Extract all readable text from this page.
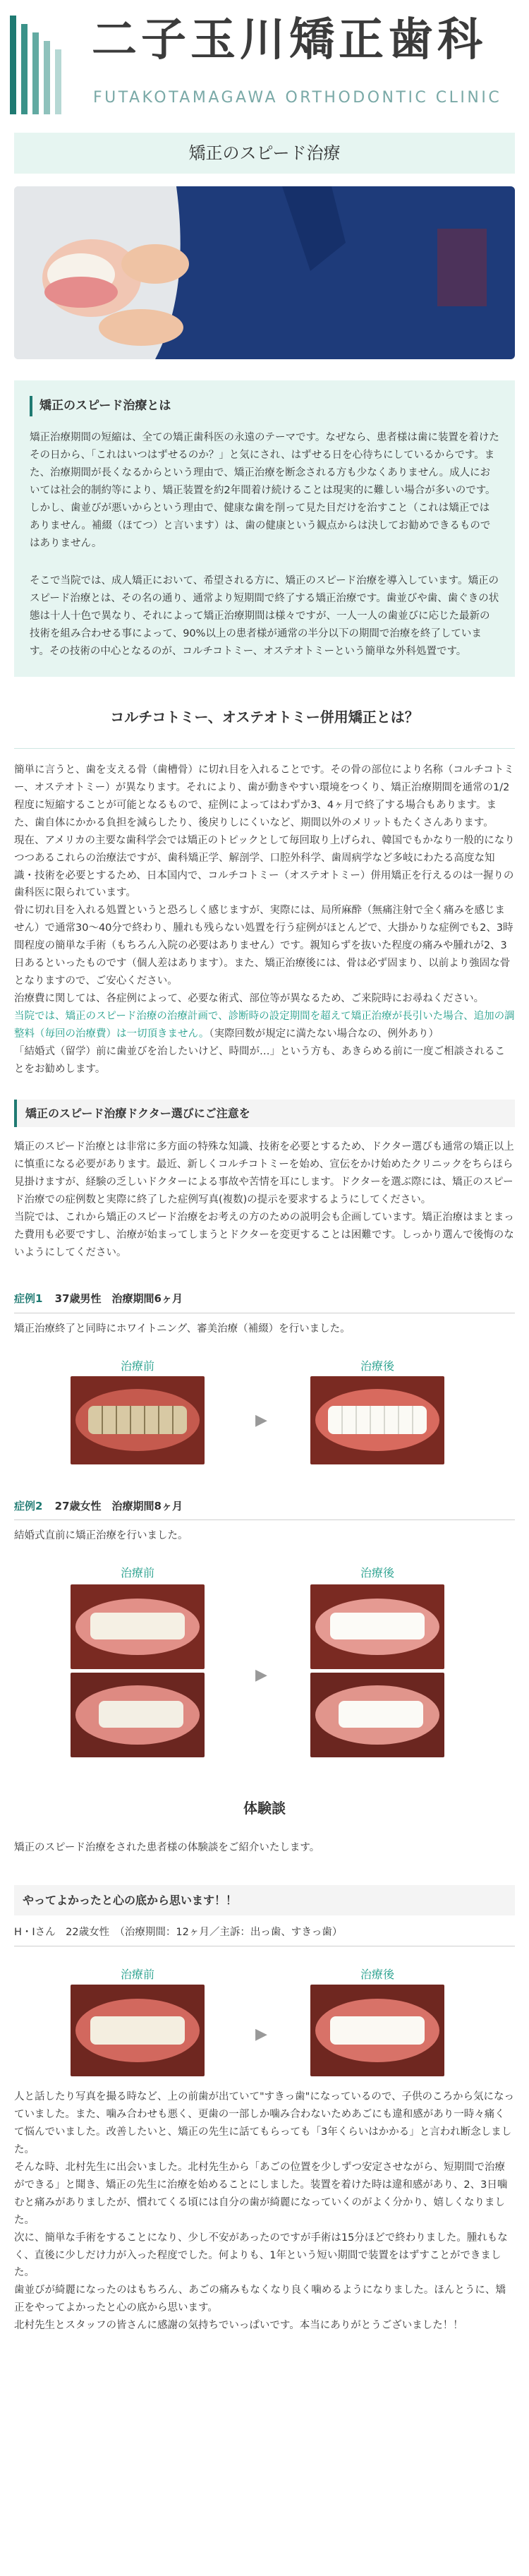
二子玉川矯正歯科
FUTAKOTAMAGAWA ORTHODONTIC CLINIC
矯正のスピード治療
矯正のスピード治療とは

矯正治療期間の短縮は、全ての矯正歯科医の永遠のテーマです。なぜなら、患者様は歯に装置を着けたその日から、「これはいつはずせるのか？」と気にされ、はずせる日を心待ちにしているからです。また、治療期間が長くなるからという理由で、矯正治療を断念される方も少なくありません。成人においては社会的制約等により、矯正装置を約2年間着け続けることは現実的に難しい場合が多いのです。

しかし、歯並びが悪いからという理由で、健康な歯を削って見た目だけを治すこと（これは矯正ではありません。補綴（ほてつ）と言います）は、歯の健康という観点からは決してお勧めできるものではありません。

そこで当院では、成人矯正において、希望される方に、矯正のスピード治療を導入しています。矯正のスピード治療とは、その名の通り、通常より短期間で終了する矯正治療です。歯並びや歯、歯ぐきの状態は十人十色で異なり、それによって矯正治療期間は様々ですが、一人一人の歯並びに応じた最新の技術を組み合わせる事によって、90%以上の患者様が通常の半分以下の期間で治療を終了しています。その技術の中心となるのが、コルチコトミー、オステオトミーという簡単な外科処置です。

コルチコトミー、オステオトミー併用矯正とは？

簡単に言うと、歯を支える骨（歯槽骨）に切れ目を入れることです。その骨の部位により名称（コルチコトミー、オステオトミー）が異なります。それにより、歯が動きやすい環境をつくり、矯正治療期間を通常の1/2程度に短縮することが可能となるもので、症例によってはわずか3、4ヶ月で終了する場合もあります。また、歯自体にかかる負担を減らしたり、後戻りしにくいなど、期間以外のメリットもたくさんあります。

現在、アメリカの主要な歯科学会では矯正のトピックとして毎回取り上げられ、韓国でもかなり一般的になりつつあるこれらの治療法ですが、歯科矯正学、解剖学、口腔外科学、歯周病学など多岐にわたる高度な知識・技術を必要とするため、日本国内で、コルチコトミー（オステオトミー）併用矯正を行えるのは一握りの歯科医に限られています。

骨に切れ目を入れる処置というと恐ろしく感じますが、実際には、局所麻酔（無痛注射で全く痛みを感じません）で通常30〜40分で終わり、腫れも残らない処置を行う症例がほとんどで、大掛かりな症例でも2、3時間程度の簡単な手術（もちろん入院の必要はありません）です。親知らずを抜いた程度の痛みや腫れが2、3日あるといったものです（個人差はあります）。また、矯正治療後には、骨は必ず固まり、以前より強固な骨となりますので、ご安心ください。

治療費に関しては、各症例によって、必要な術式、部位等が異なるため、ご来院時にお尋ねください。

当院では、矯正のスピード治療の治療計画で、診断時の設定期間を超えて矯正治療が長引いた場合、追加の調整料（毎回の治療費）は一切頂きません。（実際回数が規定に満たない場合なの、例外あり）

「結婚式（留学）前に歯並びを治したいけど、時間が…」という方も、あきらめる前に一度ご相談されることをお勧めします。

矯正のスピード治療ドクター選びにご注意を

矯正のスピード治療とは非常に多方面の特殊な知識、技術を必要とするため、ドクター選びも通常の矯正以上に慎重になる必要があります。最近、新しくコルチコトミーを始め、宣伝をかけ始めたクリニックをちらほら見掛けますが、経験の乏しいドクターによる事故や苦情を耳にします。ドクターを選ぶ際には、矯正のスピード治療での症例数と実際に終了した症例写真(複数)の提示を要求するようにしてください。

当院では、これから矯正のスピード治療をお考えの方のための説明会も企画しています。矯正治療はまとまった費用も必要ですし、治療が始まってしまうとドクターを変更することは困難です。しっかり選んで後悔のないようにしてください。

症例1 37歳男性　治療期間6ヶ月
矯正治療終了と同時にホワイトニング、審美治療（補綴）を行いました。
治療前	治療後
▶
症例2 27歳女性　治療期間8ヶ月
結婚式直前に矯正治療を行いました。
治療前	治療後
▶
体験談
矯正のスピード治療をされた患者様の体験談をご紹介いたします。
やってよかったと心の底から思います！！
H・Iさん　22歳女性　（治療期間：12ヶ月／主訴：出っ歯、すきっ歯）
治療前	治療後
▶

人と話したり写真を撮る時など、上の前歯が出ていて"すきっ歯"になっているので、子供のころから気になっていました。また、噛み合わせも悪く、更歯の一部しか噛み合わないためあごにも違和感があり一時々痛くて悩んでいました。改善したいと、矯正の先生に話てもらっても「3年くらいはかかる」と言われ断念しました。

そんな時、北村先生に出会いました。北村先生から「あごの位置を少しずつ安定させながら、短期間で治療ができる」と聞き、矯正の先生に治療を始めることにしました。装置を着けた時は違和感があり、2、3日噛むと痛みがありましたが、慣れてくる頃には自分の歯が綺麗になっていくのがよく分かり、嬉しくなりました。

次に、簡単な手術をすることになり、少し不安があったのですが手術は15分ほどで終わりました。腫れもなく、直後に少しだけ力が入った程度でした。何よりも、1年という短い期間で装置をはずすことができました。

歯並びが綺麗になったのはもちろん、あごの痛みもなくなり良く噛めるようになりました。ほんとうに、矯正をやってよかったと心の底から思います。

北村先生とスタッフの皆さんに感謝の気持ちでいっぱいです。本当にありがとうございました！！
